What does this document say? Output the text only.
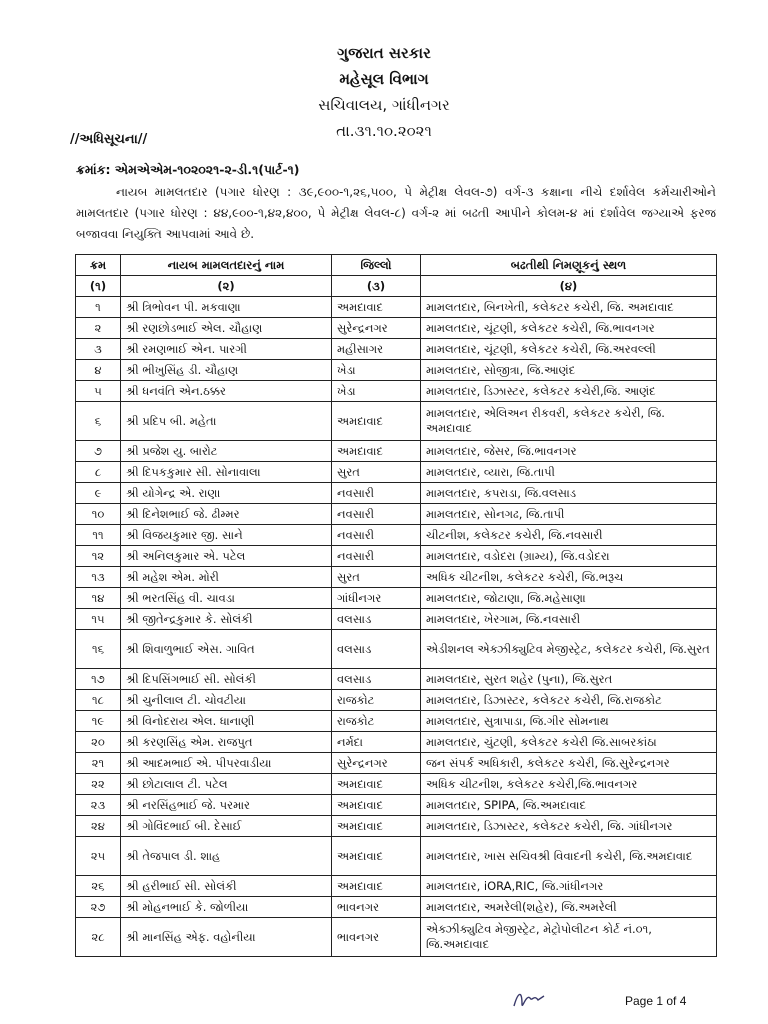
ગુજરાત સરકાર
મહેસૂલ વિભાગ
સચિવાલય, ગાંધીનગર
તા.૩૧.૧૦.૨૦૨૧
//અધિસૂચના//
ક્રમાંક: એમએએમ-૧૦૨૦૨૧-૨-ડી.૧(પાર્ટ-૧)
નાયબ મામલતદાર (પગાર ધોરણ : ૩૯,૯૦૦-૧,૨૬,૫૦૦, પે મેટ્રીક્ષ લેવલ-૭) વર્ગ-૩ કક્ષાના નીચે દર્શાવેલ કર્મચારીઓને મામલતદાર (પગાર ધોરણ : ૪૪,૯૦૦-૧,૪૨,૪૦૦, પે મેટ્રીક્ષ લેવલ-૮) વર્ગ-૨ માં બઢતી આપીને કોલમ-૪ માં દર્શાવેલ જગ્યાએ ફરજ બજાવવા નિયુક્તિ આપવામાં આવે છે.
ક્રમ	નાયબ મામલતદારનું નામ	જિલ્લો	બઢતીથી નિમણૂકનું સ્થળ
(૧)	(૨)	(૩)	(૪)
૧	શ્રી ત્રિભોવન પી. મકવાણા	અમદાવાદ	મામલતદાર, બિનખેતી, કલેકટર કચેરી, જિ. અમદાવાદ
૨	શ્રી રણછોડભાઈ એલ. ચૌહાણ	સુરેન્દ્રનગર	મામલતદાર, ચૂંટણી, કલેકટર કચેરી, જિ.ભાવનગર
૩	શ્રી રમણભાઈ એન. પારગી	મહીસાગર	મામલતદાર, ચૂંટણી, કલેકટર કચેરી, જિ.અરવલ્લી
૪	શ્રી ભીખુસિંહ ડી. ચૌહાણ	ખેડા	મામલતદાર, સોજીત્રા, જિ.આણંદ
૫	શ્રી ધનવંતિ એન.ઠક્કર	ખેડા	મામલતદાર, ડિઝાસ્ટર, કલેકટર કચેરી,જિ. આણંદ
૬	શ્રી પ્રદિપ બી. મહેતા	અમદાવાદ	મામલતદાર, એલિઅન રીકવરી, કલેકટર કચેરી, જિ. અમદાવાદ
૭	શ્રી પ્રજેશ યુ. બારોટ	અમદાવાદ	મામલતદાર, જેસર, જિ.ભાવનગર
૮	શ્રી દિપકકુમાર સી. સોનાવાલા	સુરત	મામલતદાર, વ્યારા, જિ.તાપી
૯	શ્રી યોગેન્દ્ર એ. રાણા	નવસારી	મામલતદાર, કપરાડા, જિ.વલસાડ
૧૦	શ્રી દિનેશભાઈ જે. ઢીમ્મર	નવસારી	મામલતદાર, સોનગઢ, જિ.તાપી
૧૧	શ્રી વિજયકુમાર જી. સાને	નવસારી	ચીટનીશ, કલેકટર કચેરી, જિ.નવસારી
૧૨	શ્રી અનિલકુમાર એ. પટેલ	નવસારી	મામલતદાર, વડોદરા (ગ્રામ્ય), જિ.વડોદરા
૧૩	શ્રી મહેશ એમ. મોરી	સુરત	અધિક ચીટનીશ, કલેકટર કચેરી, જિ.ભરૂચ
૧૪	શ્રી ભરતસિંહ વી. ચાવડા	ગાંધીનગર	મામલતદાર, જોટાણા, જિ.મહેસાણા
૧૫	શ્રી જીતેન્દ્રકુમાર કે. સોલંકી	વલસાડ	મામલતદાર, ખેરગામ, જિ.નવસારી
૧૬	શ્રી શિવાળુભાઈ એસ. ગાવિત	વલસાડ	એડીશનલ એક્ઝીક્યુટિવ મેજીસ્ટ્રેટ, કલેકટર કચેરી, જિ.સુરત
૧૭	શ્રી દિપસિંગભાઈ સી. સોલંકી	વલસાડ	મામલતદાર, સુરત શહેર (પુના), જિ.સુરત
૧૮	શ્રી ચુનીલાલ ટી. ચોવટીયા	રાજકોટ	મામલતદાર, ડિઝાસ્ટર, કલેકટર કચેરી, જિ.રાજકોટ
૧૯	શ્રી વિનોદરાય એલ. ધાનાણી	રાજકોટ	મામલતદાર, સુત્રાપાડા, જિ.ગીર સોમનાથ
૨૦	શ્રી કરણસિંહ એમ. રાજપુત	નર્મદા	મામલતદાર, ચુંટણી, કલેકટર કચેરી જિ.સાબરકાંઠા
૨૧	શ્રી આદમભાઈ એ. પીપરવાડીયા	સુરેન્દ્રનગર	જન સંપર્ક અધિકારી, કલેકટર કચેરી, જિ.સુરેન્દ્રનગર
૨૨	શ્રી છોટાલાલ ટી. પટેલ	અમદાવાદ	અધિક ચીટનીશ, કલેકટર કચેરી,જિ.ભાવનગર
૨૩	શ્રી નરસિંહભાઈ જે. પરમાર	અમદાવાદ	મામલતદાર, SPIPA, જિ.અમદાવાદ
૨૪	શ્રી ગોવિંદભાઈ બી. દેસાઈ	અમદાવાદ	મામલતદાર, ડિઝાસ્ટર, કલેકટર કચેરી, જિ. ગાંધીનગર
૨૫	શ્રી તેજપાલ ડી. શાહ	અમદાવાદ	મામલતદાર, ખાસ સચિવશ્રી વિવાદની કચેરી, જિ.અમદાવાદ
૨૬	શ્રી હરીભાઈ સી. સોલંકી	અમદાવાદ	મામલતદાર, iORA,RIC, જિ.ગાંધીનગર
૨૭	શ્રી મોહનભાઈ કે. જોળીયા	ભાવનગર	મામલતદાર, અમરેલી(શહેર), જિ.અમરેલી
૨૮	શ્રી માનસિંહ એફ. વહોનીયા	ભાવનગર	એક્ઝીક્યુટિવ મેજીસ્ટ્રેટ, મેટ્રોપોલીટન કોર્ટ નં.૦૧, જિ.અમદાવાદ
Page 1 of 4
